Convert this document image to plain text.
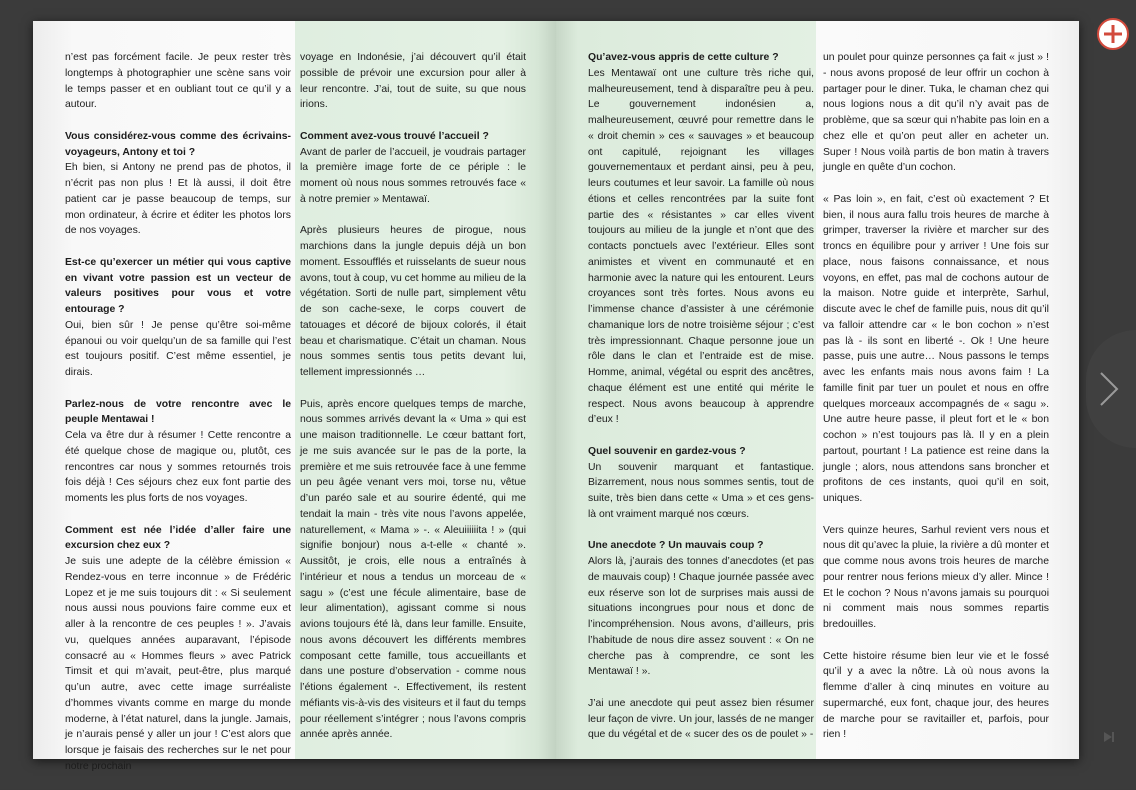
n’est pas forcément facile. Je peux rester très longtemps à photographier une scène sans voir le temps passer et en oubliant tout ce qu’il y a autour.

Vous considérez-vous comme des écrivains-voyageurs, Antony et toi ?
Eh bien, si Antony ne prend pas de photos, il n’écrit pas non plus ! Et là aussi, il doit être patient car je passe beaucoup de temps, sur mon ordinateur, à écrire et éditer les photos lors de nos voyages.

Est-ce qu’exercer un métier qui vous captive en vivant votre passion est un vecteur de valeurs positives pour vous et votre entourage ?
Oui, bien sûr ! Je pense qu’être soi-même épanoui ou voir quelqu’un de sa famille qui l’est est toujours positif. C’est même essentiel, je dirais.

Parlez-nous de votre rencontre avec le peuple Mentawai !
Cela va être dur à résumer ! Cette rencontre a été quelque chose de magique ou, plutôt, ces rencontres car nous y sommes retournés trois fois déjà ! Ces séjours chez eux font partie des moments les plus forts de nos voyages.

Comment est née l’idée d’aller faire une excursion chez eux ?
Je suis une adepte de la célèbre émission « Rendez-vous en terre inconnue » de Frédéric Lopez et je me suis toujours dit : « Si seulement nous aussi nous pouvions faire comme eux et aller à la rencontre de ces peuples ! ». J’avais vu, quelques années auparavant, l’épisode consacré au « Hommes fleurs » avec Patrick Timsit et qui m’avait, peut-être, plus marqué qu’un autre, avec cette image surréaliste d’hommes vivants comme en marge du monde moderne, à l’état naturel, dans la jungle. Jamais, je n’aurais pensé y aller un jour ! C’est alors que lorsque je faisais des recherches sur le net pour notre prochain

voyage en Indonésie, j’ai découvert qu’il était possible de prévoir une excursion pour aller à leur rencontre. J’ai, tout de suite, su que nous irions.

Comment avez-vous trouvé l’accueil ?
Avant de parler de l’accueil, je voudrais partager la première image forte de ce périple : le moment où nous nous sommes retrouvés face « à notre premier » Mentawaï.

Après plusieurs heures de pirogue, nous marchions dans la jungle depuis déjà un bon moment. Essoufflés et ruisselants de sueur nous avons, tout à coup, vu cet homme au milieu de la végétation. Sorti de nulle part, simplement vêtu de son cache-sexe, le corps couvert de tatouages et décoré de bijoux colorés, il était beau et charismatique. C’était un chaman. Nous nous sommes sentis tous petits devant lui, tellement impressionnés …

Puis, après encore quelques temps de marche, nous sommes arrivés devant la « Uma » qui est une maison traditionnelle. Le cœur battant fort, je me suis avancée sur le pas de la porte, la première et me suis retrouvée face à une femme un peu âgée venant vers moi, torse nu, vêtue d’un paréo sale et au sourire édenté, qui me tendait la main - très vite nous l’avons appelée, naturellement, « Mama » -. « Aleuiiiiiita ! » (qui signifie bonjour) nous a-t-elle « chanté ». Aussitôt, je crois, elle nous a entraînés à l’intérieur et nous a tendus un morceau de « sagu » (c’est une fécule alimentaire, base de leur alimentation), agissant comme si nous avions toujours été là, dans leur famille. Ensuite, nous avons découvert les différents membres composant cette famille, tous accueillants et dans une posture d’observation - comme nous l’étions également -. Effectivement, ils restent méfiants vis-à-vis des visiteurs et il faut du temps pour réellement s’intégrer ; nous l’avons compris année après année.

Qu’avez-vous appris de cette culture ?
Les Mentawaï ont une culture très riche qui, malheureusement, tend à disparaître peu à peu. Le gouvernement indonésien a, malheureusement, œuvré pour remettre dans le « droit chemin » ces « sauvages » et beaucoup ont capitulé, rejoignant les villages gouvernementaux et perdant ainsi, peu à peu, leurs coutumes et leur savoir. La famille où nous étions et celles rencontrées par la suite font partie des « résistantes » car elles vivent toujours au milieu de la jungle et n’ont que des contacts ponctuels avec l’extérieur. Elles sont animistes et vivent en communauté et en harmonie avec la nature qui les entourent. Leurs croyances sont très fortes. Nous avons eu l’immense chance d’assister à une cérémonie chamanique lors de notre troisième séjour ; c’est très impressionnant. Chaque personne joue un rôle dans le clan et l’entraide est de mise. Homme, animal, végétal ou esprit des ancêtres, chaque élément est une entité qui mérite le respect. Nous avons beaucoup à apprendre d’eux !

Quel souvenir en gardez-vous ?
Un souvenir marquant et fantastique. Bizarrement, nous nous sommes sentis, tout de suite, très bien dans cette « Uma » et ces gens-là ont vraiment marqué nos cœurs.

Une anecdote ? Un mauvais coup ?
Alors là, j’aurais des tonnes d’anecdotes (et pas de mauvais coup) ! Chaque journée passée avec eux réserve son lot de surprises mais aussi de situations incongrues pour nous et donc de l’incompréhension. Nous avons, d’ailleurs, pris l’habitude de nous dire assez souvent : « On ne cherche pas à comprendre, ce sont les Mentawaï ! ».

J’ai une anecdote qui peut assez bien résumer leur façon de vivre. Un jour, lassés de ne manger que du végétal et de « sucer des os de poulet » -

un poulet pour quinze personnes ça fait « just » ! - nous avons proposé de leur offrir un cochon à partager pour le diner. Tuka, le chaman chez qui nous logions nous a dit qu’il n’y avait pas de problème, que sa sœur qui n’habite pas loin en a chez elle et qu’on peut aller en acheter un. Super ! Nous voilà partis de bon matin à travers jungle en quête d’un cochon.

« Pas loin », en fait, c’est où exactement ? Et bien, il nous aura fallu trois heures de marche à grimper, traverser la rivière et marcher sur des troncs en équilibre pour y arriver ! Une fois sur place, nous faisons connaissance, et nous voyons, en effet, pas mal de cochons autour de la maison. Notre guide et interprète, Sarhul, discute avec le chef de famille puis, nous dit qu’il va falloir attendre car « le bon cochon » n’est pas là - ils sont en liberté -. Ok ! Une heure passe, puis une autre… Nous passons le temps avec les enfants mais nous avons faim ! La famille finit par tuer un poulet et nous en offre quelques morceaux accompagnés de « sagu ». Une autre heure passe, il pleut fort et le « bon cochon » n’est toujours pas là. Il y en a plein partout, pourtant ! La patience est reine dans la jungle ; alors, nous attendons sans broncher et profitons de ces instants, quoi qu’il en soit, uniques.

Vers quinze heures, Sarhul revient vers nous et nous dit qu’avec la pluie, la rivière a dû monter et que comme nous avons trois heures de marche pour rentrer nous ferions mieux d’y aller. Mince ! Et le cochon ? Nous n’avons jamais su pourquoi ni comment mais nous sommes repartis bredouilles.

Cette histoire résume bien leur vie et le fossé qu’il y a avec la nôtre. Là où nous avons la flemme d’aller à cinq minutes en voiture au supermarché, eux font, chaque jour, des heures de marche pour se ravitailler et, parfois, pour rien !
